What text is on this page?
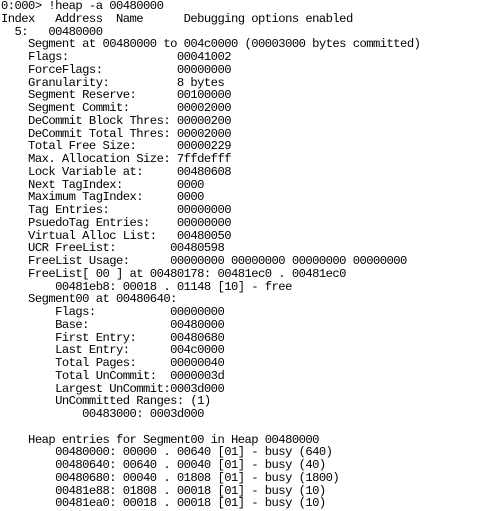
0:000> !heap -a 00480000
Index   Address  Name      Debugging options enabled
5:   00480000
Segment at 00480000 to 004c0000 (00003000 bytes committed)
Flags:                00041002
ForceFlags:           00000000
Granularity:          8 bytes
Segment Reserve:      00100000
Segment Commit:       00002000
DeCommit Block Thres: 00000200
DeCommit Total Thres: 00002000
Total Free Size:      00000229
Max. Allocation Size: 7ffdefff
Lock Variable at:     00480608
Next TagIndex:        0000
Maximum TagIndex:     0000
Tag Entries:          00000000
PsuedoTag Entries:    00000000
Virtual Alloc List:   00480050
UCR FreeList:        00480598
FreeList Usage:      00000000 00000000 00000000 00000000
FreeList[ 00 ] at 00480178: 00481ec0 . 00481ec0
00481eb8: 00018 . 01148 [10] - free
Segment00 at 00480640:
Flags:           00000000
Base:            00480000
First Entry:     00480680
Last Entry:      004c0000
Total Pages:     00000040
Total UnCommit:  0000003d
Largest UnCommit:0003d000
UnCommitted Ranges: (1)
00483000: 0003d000

Heap entries for Segment00 in Heap 00480000
00480000: 00000 . 00640 [01] - busy (640)
00480640: 00640 . 00040 [01] - busy (40)
00480680: 00040 . 01808 [01] - busy (1800)
00481e88: 01808 . 00018 [01] - busy (10)
00481ea0: 00018 . 00018 [01] - busy (10)
